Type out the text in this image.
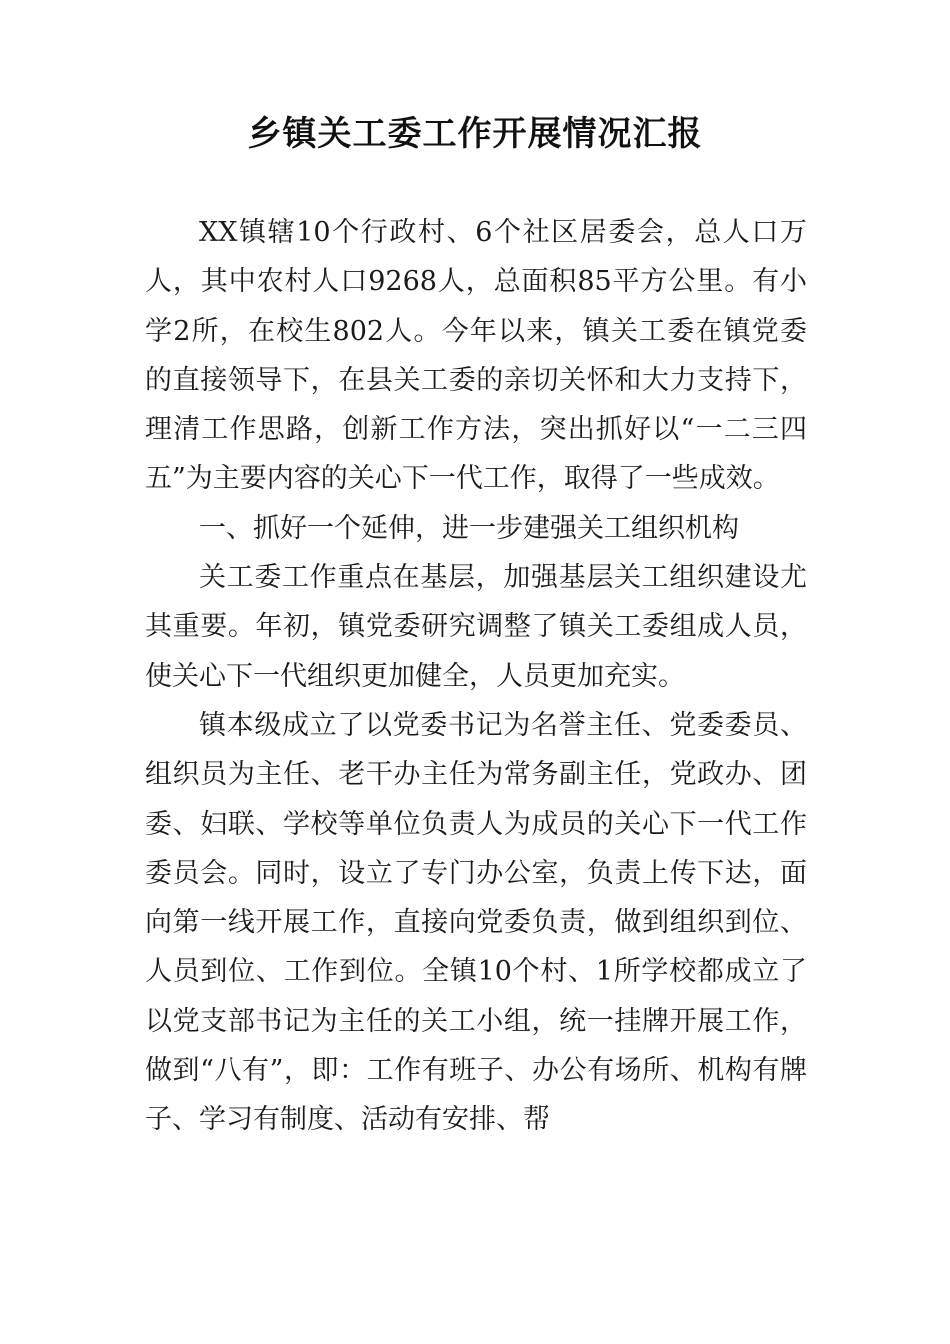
乡镇关工委工作开展情况汇报

XX镇辖10个行政村、6个社区居委会，总人口万人，其中农村人口9268人，总面积85平方公里。有小学2所，在校生802人。今年以来，镇关工委在镇党委的直接领导下，在县关工委的亲切关怀和大力支持下，理清工作思路，创新工作方法，突出抓好以“一二三四五”为主要内容的关心下一代工作，取得了一些成效。

一、抓好一个延伸，进一步建强关工组织机构

关工委工作重点在基层，加强基层关工组织建设尤其重要。年初，镇党委研究调整了镇关工委组成人员，使关心下一代组织更加健全，人员更加充实。

镇本级成立了以党委书记为名誉主任、党委委员、组织员为主任、老干办主任为常务副主任，党政办、团委、妇联、学校等单位负责人为成员的关心下一代工作委员会。同时，设立了专门办公室，负责上传下达，面向第一线开展工作，直接向党委负责，做到组织到位、人员到位、工作到位。全镇10个村、1所学校都成立了以党支部书记为主任的关工小组，统一挂牌开展工作，做到“八有”，即：工作有班子、办公有场所、机构有牌子、学习有制度、活动有安排、帮
